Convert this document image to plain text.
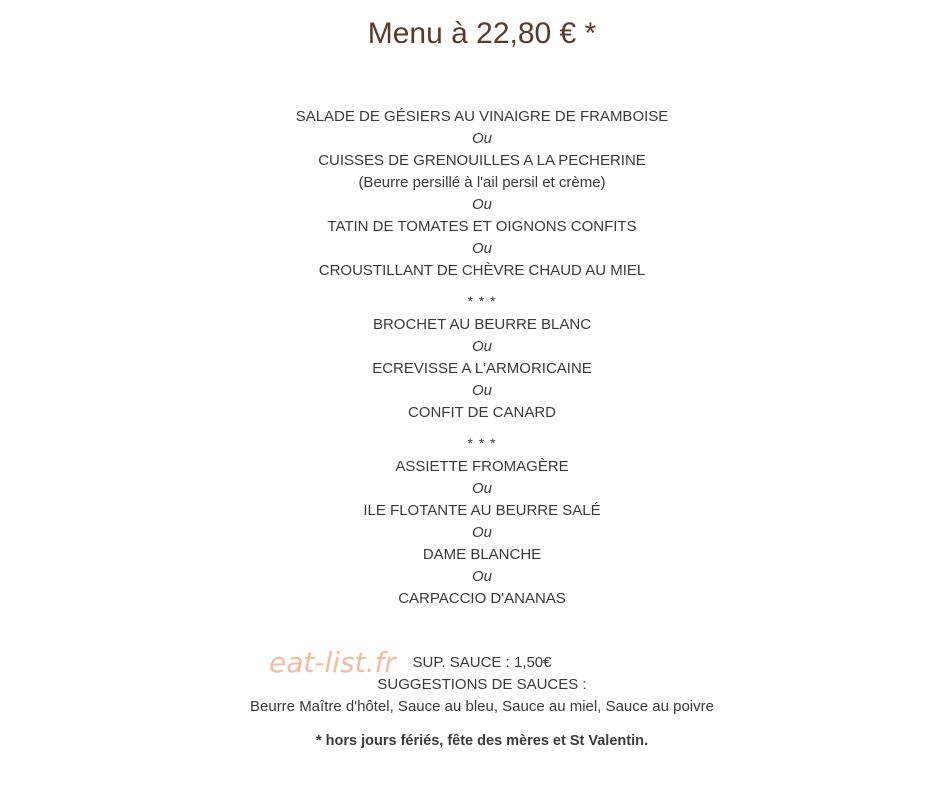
Menu à 22,80 € *
SALADE DE GÉSIERS AU VINAIGRE DE FRAMBOISE
Ou
CUISSES DE GRENOUILLES A LA PECHERINE
(Beurre persillé à l'ail persil et crème)
Ou
TATIN DE TOMATES ET OIGNONS CONFITS
Ou
CROUSTILLANT DE CHÈVRE CHAUD AU MIEL
* * *
BROCHET AU BEURRE BLANC
Ou
ECREVISSE A L'ARMORICAINE
Ou
CONFIT DE CANARD
* * *
ASSIETTE FROMAGÈRE
Ou
ILE FLOTANTE AU BEURRE SALÉ
Ou
DAME BLANCHE
Ou
CARPACCIO D'ANANAS
SUP. SAUCE : 1,50€
SUGGESTIONS DE SAUCES :
Beurre Maître d'hôtel, Sauce au bleu, Sauce au miel, Sauce au poivre
* hors jours fériés, fête des mères et St Valentin.
eat-list.fr
